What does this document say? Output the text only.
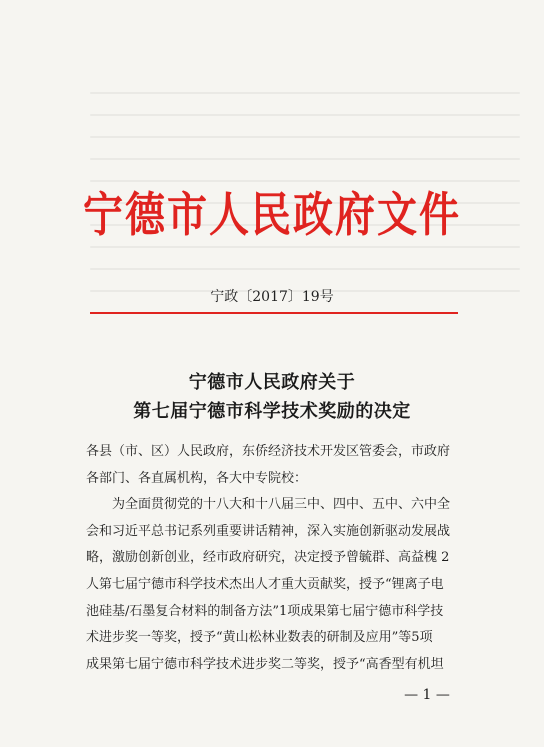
宁德市人民政府文件
宁政〔2017〕19号
宁德市人民政府关于
第七届宁德市科学技术奖励的决定
各县（市、区）人民政府，东侨经济技术开发区管委会，市政府
各部门、各直属机构，各大中专院校：
为全面贯彻党的十八大和十八届三中、四中、五中、六中全
会和习近平总书记系列重要讲话精神，深入实施创新驱动发展战
略，激励创新创业，经市政府研究，决定授予曾毓群、高益槐 2
人第七届宁德市科学技术杰出人才重大贡献奖，授予“锂离子电
池硅基/石墨复合材料的制备方法”1项成果第七届宁德市科学技
术进步奖一等奖，授予“黄山松林业数表的研制及应用”等5项
成果第七届宁德市科学技术进步奖二等奖，授予“高香型有机坦
— 1 —
